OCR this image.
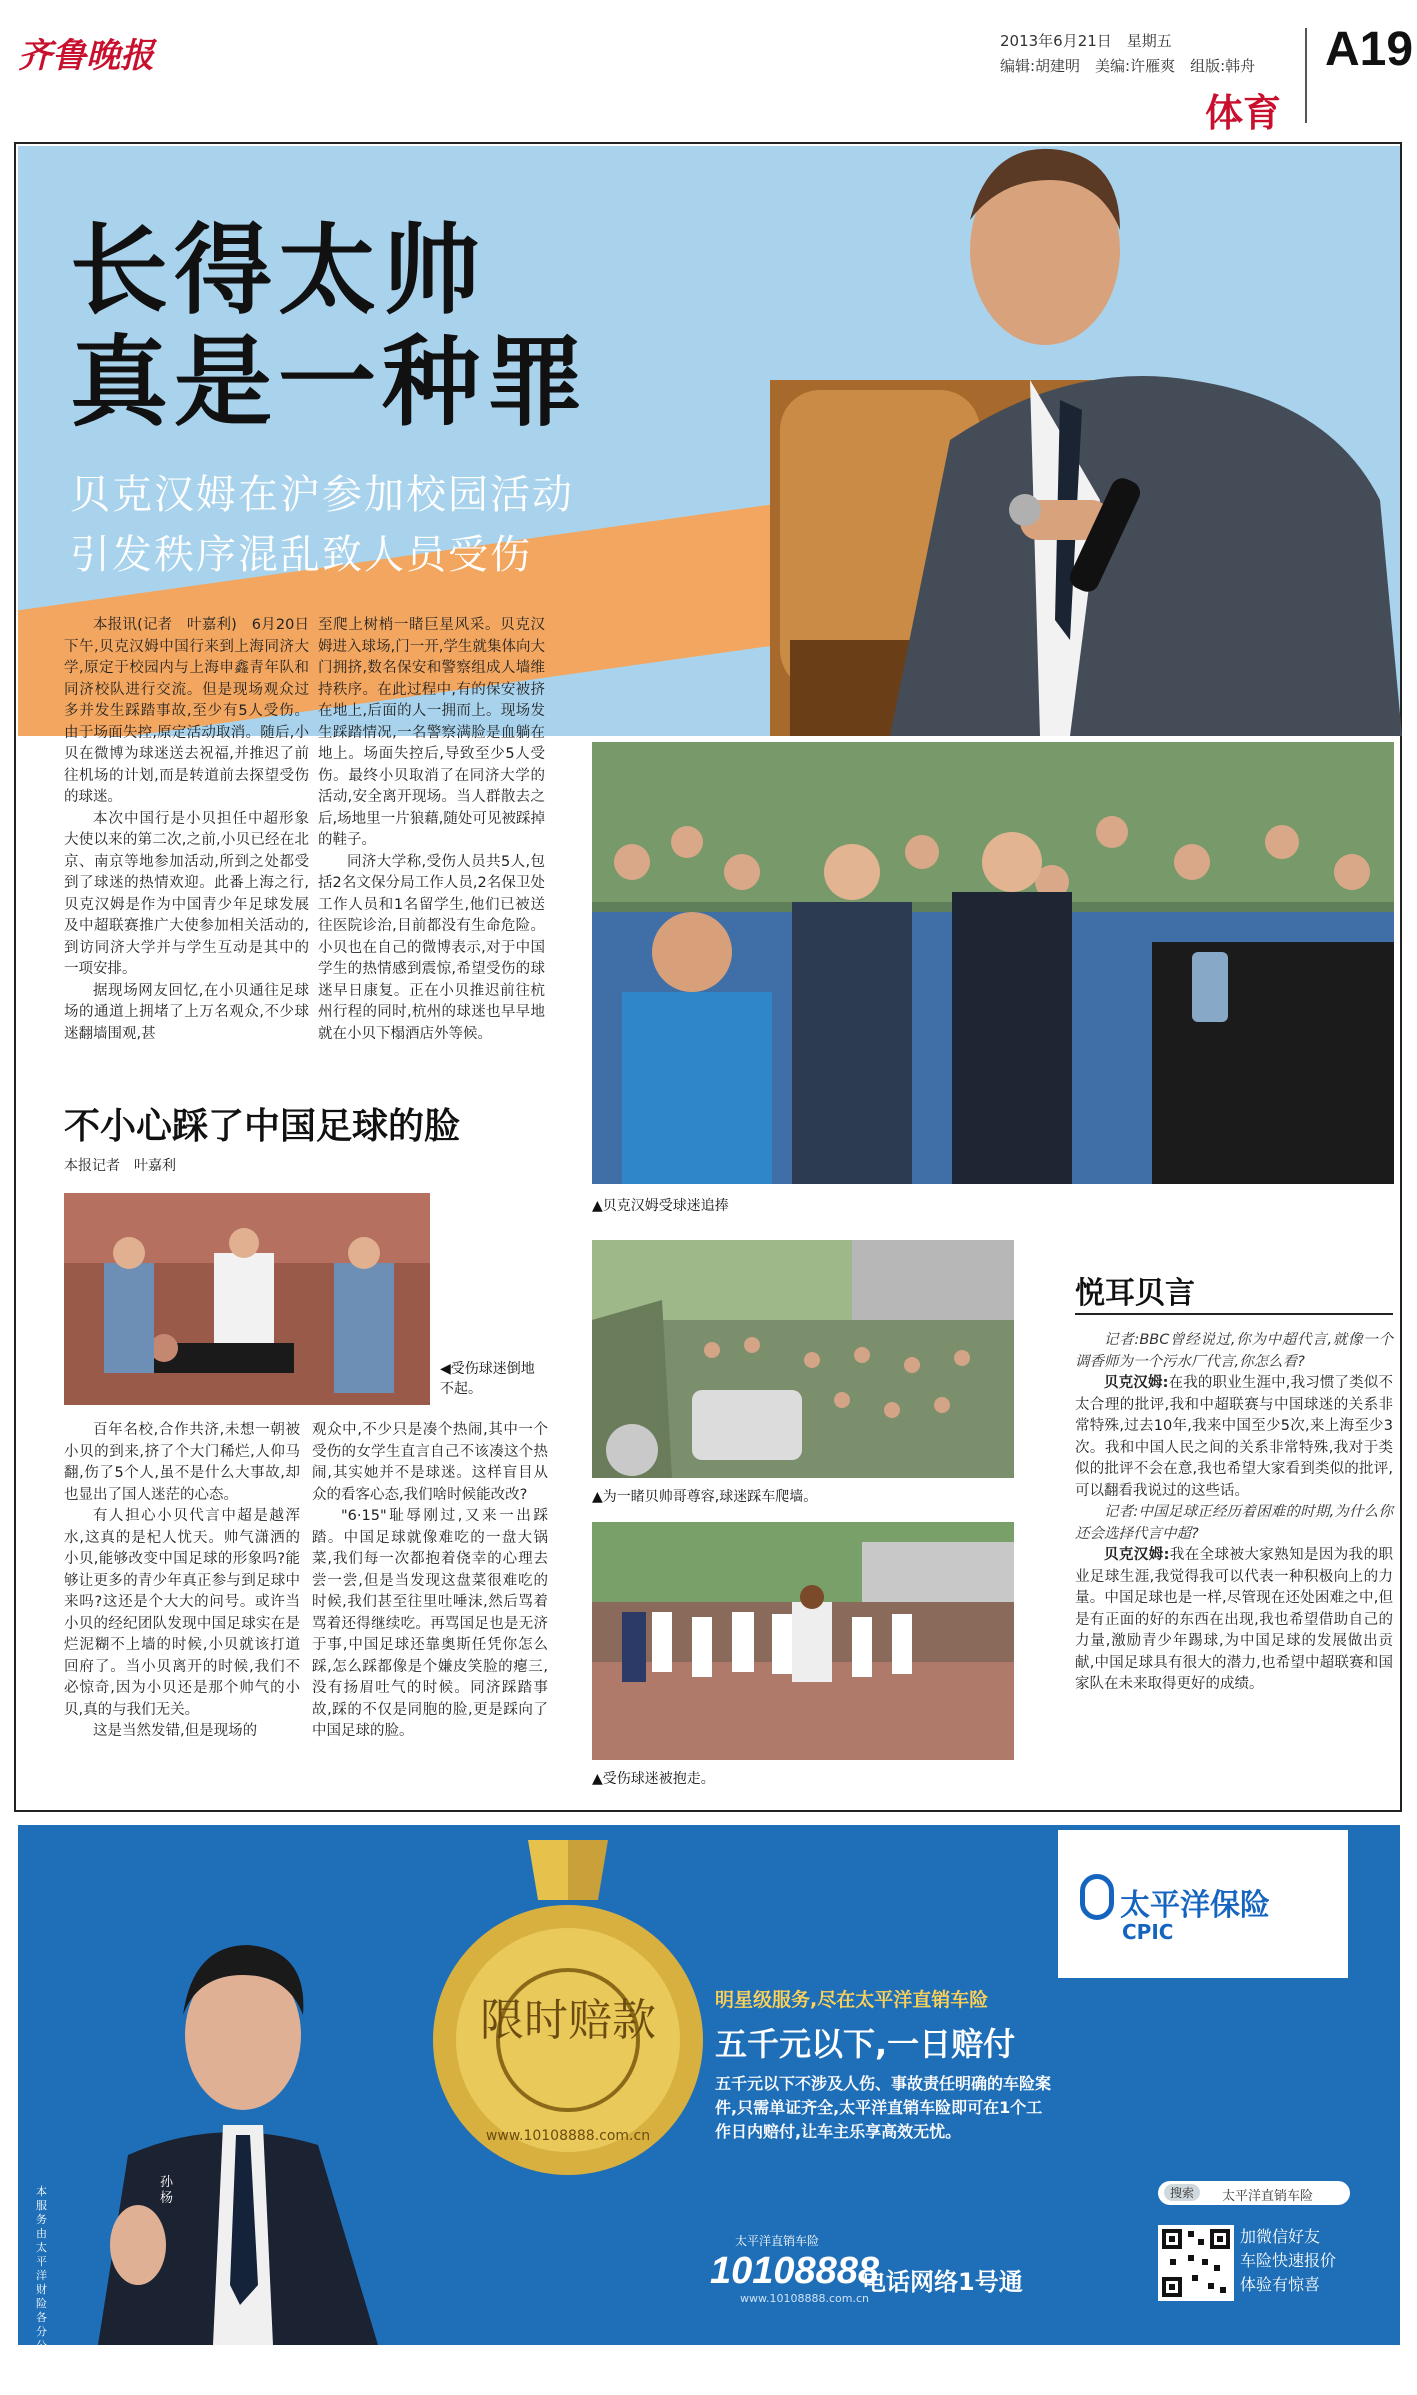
齐鲁晚报	2013年6月21日　星期五
编辑:胡建明　美编:许雁爽　组版:韩舟 A19
体育
长得太帅
真是一种罪
贝克汉姆在沪参加校园活动
引发秩序混乱致人员受伤

本报讯(记者　叶嘉利)　6月20日下午,贝克汉姆中国行来到上海同济大学,原定于校园内与上海申鑫青年队和同济校队进行交流。但是现场观众过多并发生踩踏事故,至少有5人受伤。由于场面失控,原定活动取消。随后,小贝在微博为球迷送去祝福,并推迟了前往机场的计划,而是转道前去探望受伤的球迷。

本次中国行是小贝担任中超形象大使以来的第二次,之前,小贝已经在北京、南京等地参加活动,所到之处都受到了球迷的热情欢迎。此番上海之行,贝克汉姆是作为中国青少年足球发展及中超联赛推广大使参加相关活动的,到访同济大学并与学生互动是其中的一项安排。

据现场网友回忆,在小贝通往足球场的通道上拥堵了上万名观众,不少球迷翻墙围观,甚

至爬上树梢一睹巨星风采。贝克汉姆进入球场,门一开,学生就集体向大门拥挤,数名保安和警察组成人墙维持秩序。在此过程中,有的保安被挤在地上,后面的人一拥而上。现场发生踩踏情况,一名警察满脸是血躺在地上。场面失控后,导致至少5人受伤。最终小贝取消了在同济大学的活动,安全离开现场。当人群散去之后,场地里一片狼藉,随处可见被踩掉的鞋子。

同济大学称,受伤人员共5人,包括2名文保分局工作人员,2名保卫处工作人员和1名留学生,他们已被送往医院诊治,目前都没有生命危险。小贝也在自己的微博表示,对于中国学生的热情感到震惊,希望受伤的球迷早日康复。正在小贝推迟前往杭州行程的同时,杭州的球迷也早早地就在小贝下榻酒店外等候。

▲贝克汉姆受球迷追捧
不小心踩了中国足球的脸
本报记者　叶嘉利
◀受伤球迷倒地不起。

百年名校,合作共济,未想一朝被小贝的到来,挤了个大门稀烂,人仰马翻,伤了5个人,虽不是什么大事故,却也显出了国人迷茫的心态。

有人担心小贝代言中超是越浑水,这真的是杞人忧天。帅气潇洒的小贝,能够改变中国足球的形象吗?能够让更多的青少年真正参与到足球中来吗?这还是个大大的问号。或许当小贝的经纪团队发现中国足球实在是烂泥糊不上墙的时候,小贝就该打道回府了。当小贝离开的时候,我们不必惊奇,因为小贝还是那个帅气的小贝,真的与我们无关。

这是当然发错,但是现场的

观众中,不少只是凑个热闹,其中一个受伤的女学生直言自己不该凑这个热闹,其实她并不是球迷。这样盲目从众的看客心态,我们啥时候能改改?

"6·15"耻辱刚过,又来一出踩踏。中国足球就像难吃的一盘大锅菜,我们每一次都抱着侥幸的心理去尝一尝,但是当发现这盘菜很难吃的时候,我们甚至往里吐唾沫,然后骂着骂着还得继续吃。再骂国足也是无济于事,中国足球还靠奥斯任凭你怎么踩,怎么踩都像是个嫌皮笑脸的瘪三,没有扬眉吐气的时候。同济踩踏事故,踩的不仅是同胞的脸,更是踩向了中国足球的脸。

▲为一睹贝帅哥尊容,球迷踩车爬墙。
▲受伤球迷被抱走。
悦耳贝言

记者:BBC曾经说过,你为中超代言,就像一个调香师为一个污水厂代言,你怎么看?

贝克汉姆:在我的职业生涯中,我习惯了类似不太合理的批评,我和中超联赛与中国球迷的关系非常特殊,过去10年,我来中国至少5次,来上海至少3次。我和中国人民之间的关系非常特殊,我对于类似的批评不会在意,我也希望大家看到类似的批评,可以翻看我说过的这些话。

记者:中国足球正经历着困难的时期,为什么你还会选择代言中超?

贝克汉姆:我在全球被大家熟知是因为我的职业足球生涯,我觉得我可以代表一种积极向上的力量。中国足球也是一样,尽管现在还处困难之中,但是有正面的好的东西在出现,我也希望借助自己的力量,激励青少年踢球,为中国足球的发展做出贡献,中国足球具有很大的潜力,也希望中超联赛和国家队在未来取得更好的成绩。

孙杨
本服务由太平洋财险各分公司提供
限时赔款
www.10108888.com.cn
太平洋保险
CPIC
明星级服务,尽在太平洋直销车险
五千元以下,一日赔付
五千元以下不涉及人伤、事故责任明确的车险案件,只需单证齐全,太平洋直销车险即可在1个工作日内赔付,让车主乐享高效无忧。
搜索	太平洋直销车险
加微信好友
车险快速报价
体验有惊喜
太平洋直销车险
10108888
www.10108888.com.cn
电话网络1号通
